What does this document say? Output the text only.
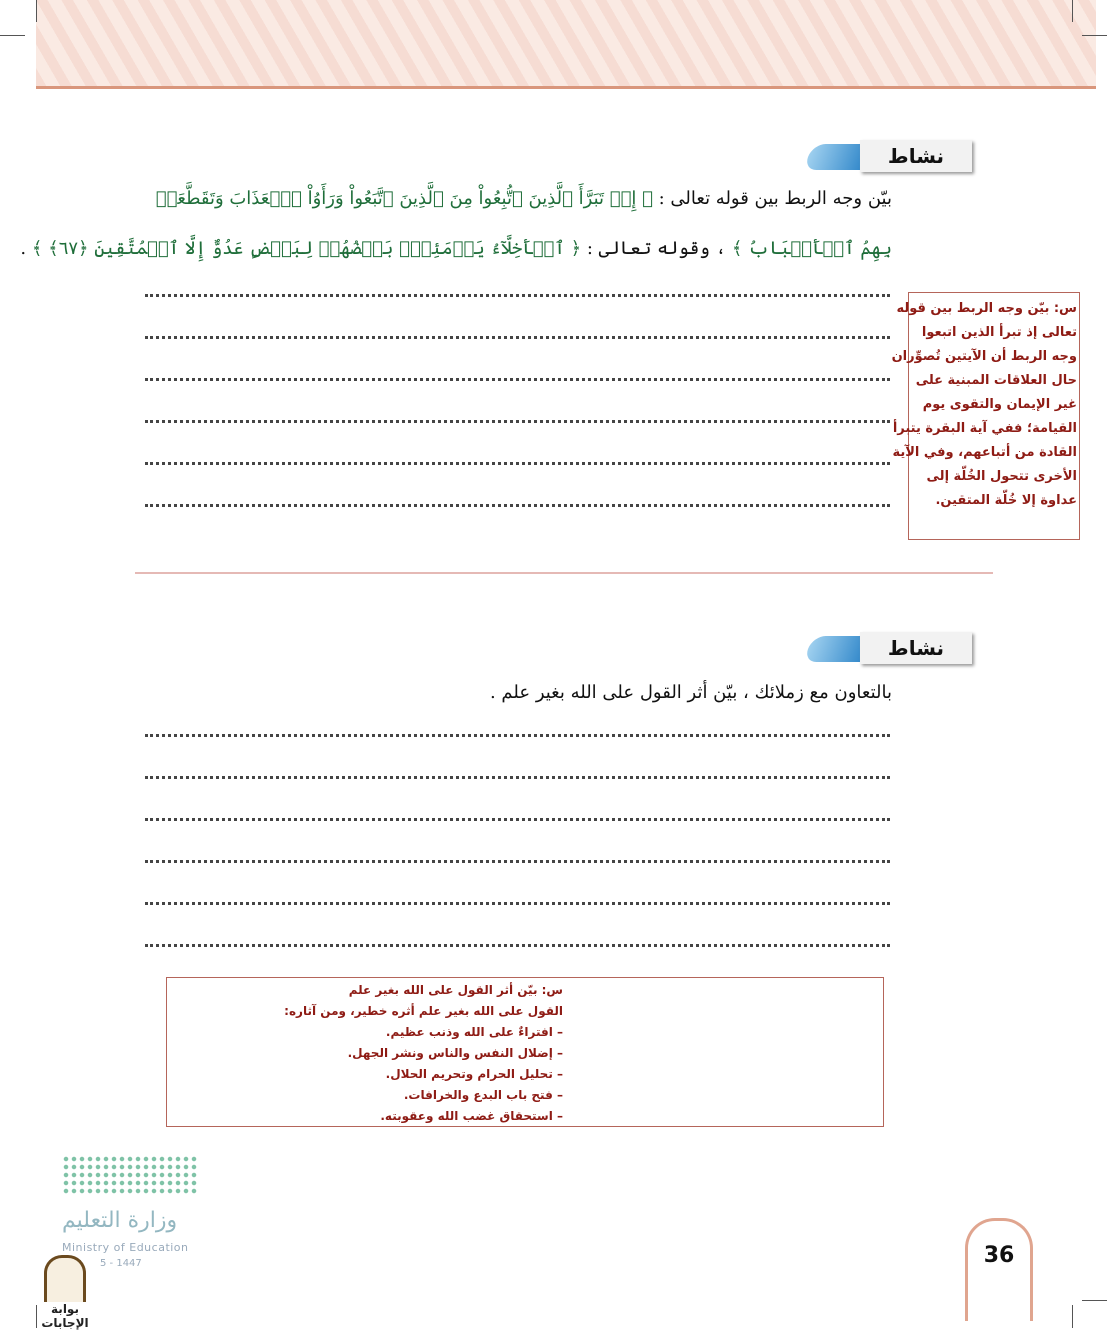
نشاط
بيّن وجه الربط بين قوله تعالى : ﴿ إِذۡ تَبَرَّأَ ٱلَّذِينَ ٱتُّبِعُواْ مِنَ ٱلَّذِينَ ٱتَّبَعُواْ وَرَأَوُاْ ٱلۡعَذَابَ وَتَقَطَّعَتۡ
بِهِمُ ٱلۡأَسۡبَابُ ﴾ ، وقوله تعالى : ﴿ ٱلۡأَخِلَّآءُ يَوۡمَئِذِۭ بَعۡضُهُمۡ لِبَعۡضٍ عَدُوٌّ إِلَّا ٱلۡمُتَّقِينَ ﴿٦٧﴾ ﴾ .
س: بيّن وجه الربط بين قوله
تعالى إذ تبرأ الذين اتبعوا
وجه الربط أن الآيتين تُصوِّران
حال العلاقات المبنية على
غير الإيمان والتقوى يوم
القيامة؛ ففي آية البقرة يتبرأ
القادة من أتباعهم، وفي الآية
الأخرى تتحول الخُلّة إلى
عداوة إلا خُلّة المتقين.
نشاط
بالتعاون مع زملائك ، بيّن أثر القول على الله بغير علم .
س: بيّن أثر القول على الله بغير علم
القول على الله بغير علم أثره خطير، ومن آثاره:
– افتراءٌ على الله وذنب عظيم.
– إضلال النفس والناس ونشر الجهل.
– تحليل الحرام وتحريم الحلال.
– فتح باب البدع والخرافات.
– استحقاق غضب الله وعقوبته.
وزارة التعليم
Ministry of Education
5 - 1447
بوابة الإجابات
36
